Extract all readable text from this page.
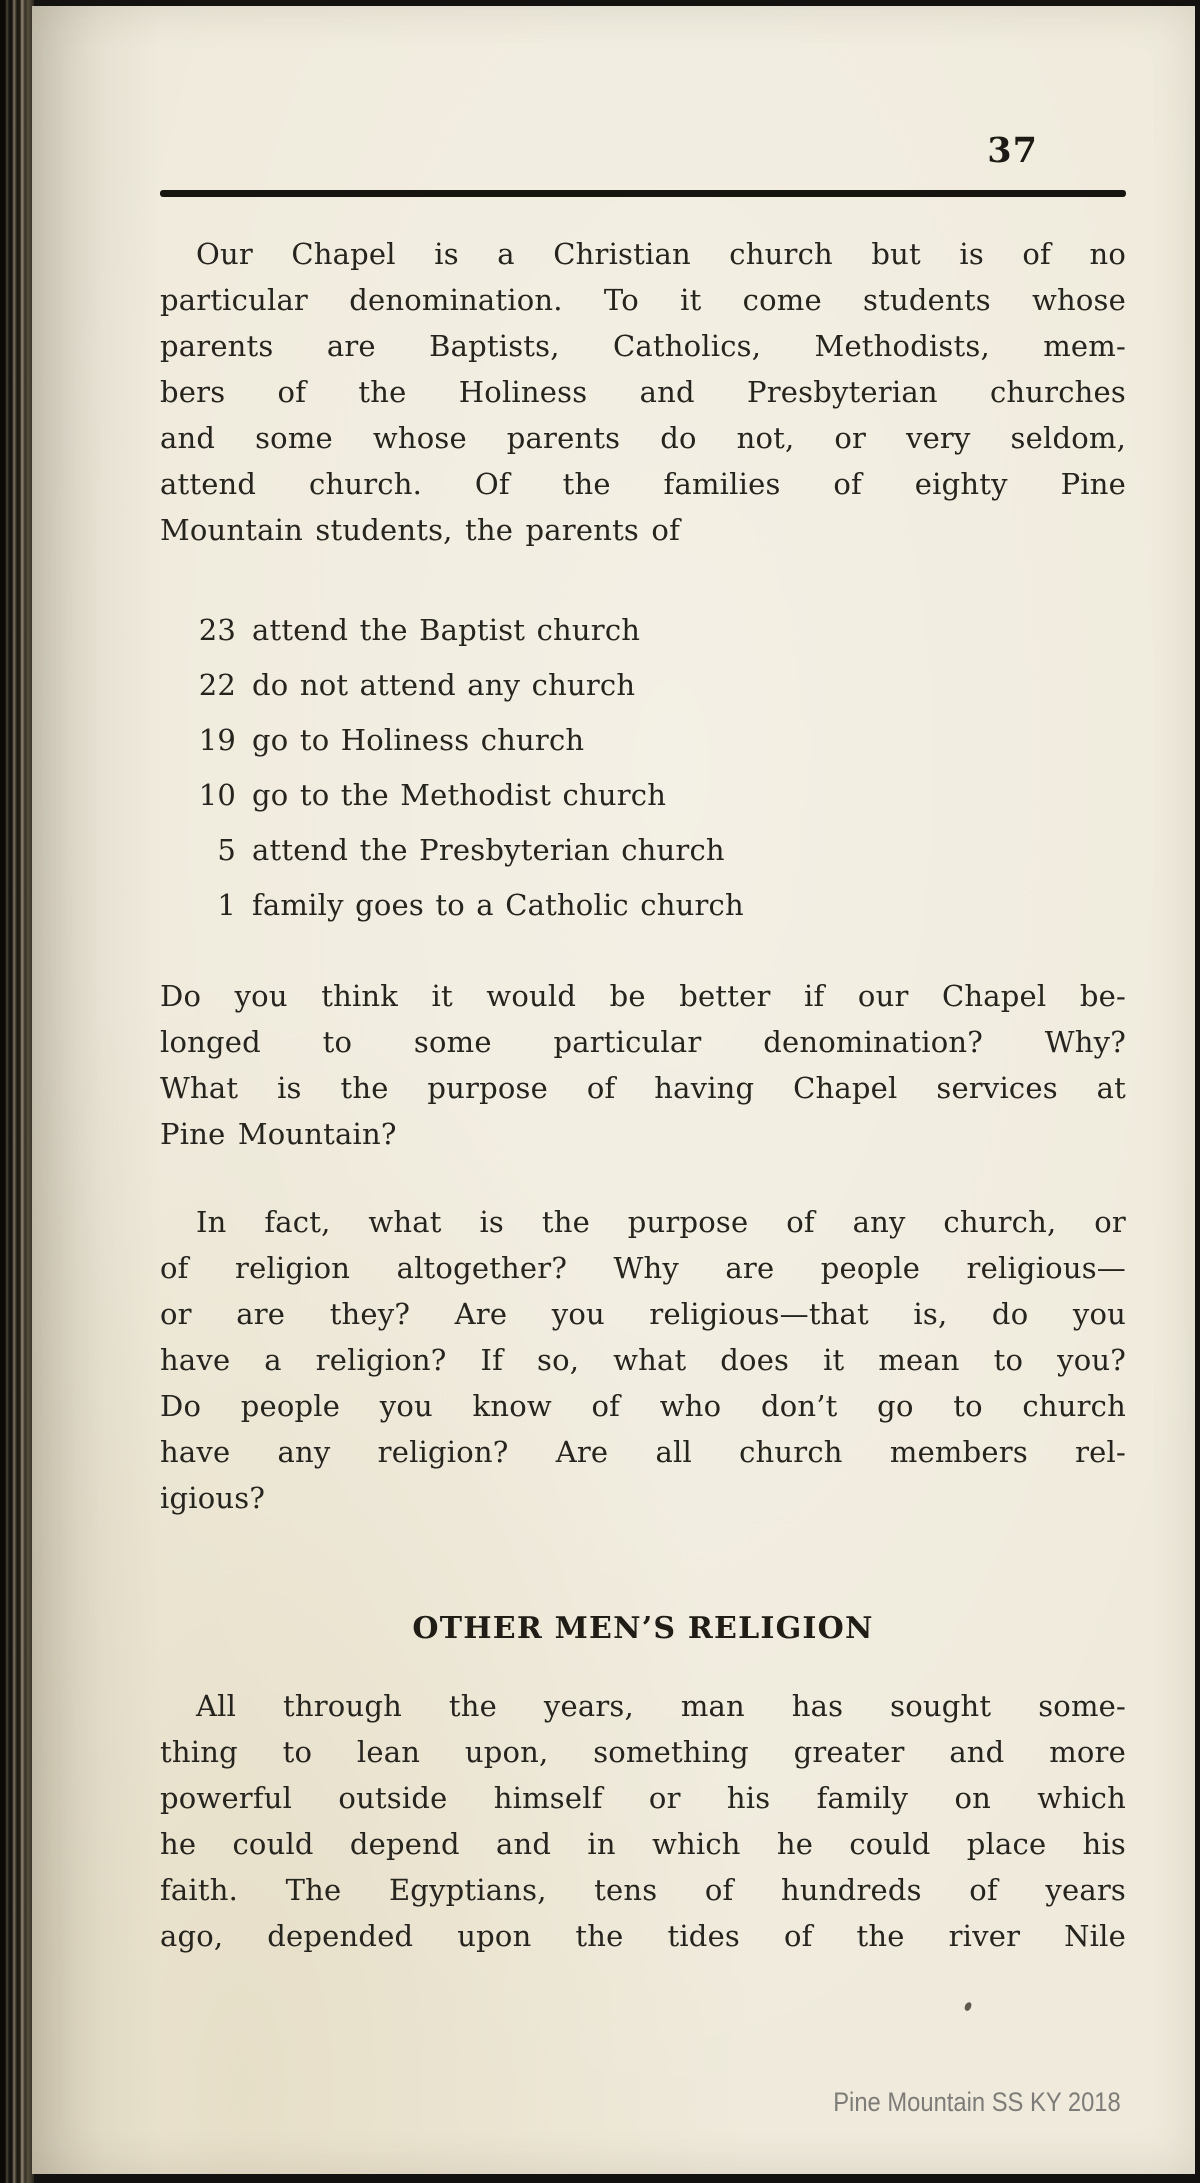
37
Our Chapel is a Christian church but is of no
particular denomination. To it come students whose
parents are Baptists, Catholics, Methodists, mem-
bers of the Holiness and Presbyterian churches
and some whose parents do not, or very seldom,
attend church. Of the families of eighty Pine
Mountain students, the parents of
23 attend the Baptist church
22 do not attend any church
19 go to Holiness church
10 go to the Methodist church
5 attend the Presbyterian church
1 family goes to a Catholic church
Do you think it would be better if our Chapel be-
longed to some particular denomination? Why?
What is the purpose of having Chapel services at
Pine Mountain?
In fact, what is the purpose of any church, or
of religion altogether? Why are people religious—
or are they? Are you religious—that is, do you
have a religion? If so, what does it mean to you?
Do people you know of who don’t go to church
have any religion? Are all church members rel-
igious?
OTHER MEN’S RELIGION
All through the years, man has sought some-
thing to lean upon, something greater and more
powerful outside himself or his family on which
he could depend and in which he could place his
faith. The Egyptians, tens of hundreds of years
ago, depended upon the tides of the river Nile
Pine Mountain SS KY 2018
